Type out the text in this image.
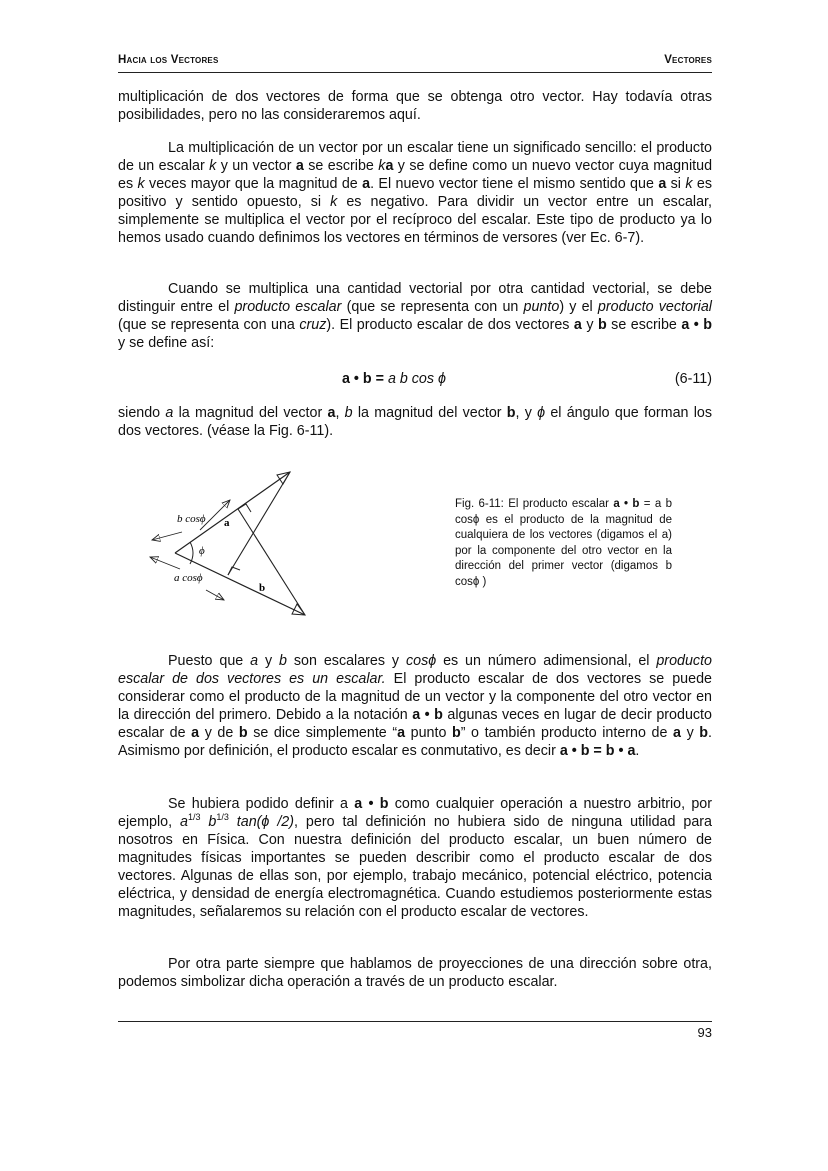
Hacia los Vectores	Vectores

multiplicación de dos vectores de forma que se obtenga otro vector. Hay todavía otras posibilidades, pero no las consideraremos aquí.

La multiplicación de un vector por un escalar tiene un significado sencillo: el producto de un escalar k y un vector a se escribe ka y se define como un nuevo vector cuya magnitud es k veces mayor que la magnitud de a. El nuevo vector tiene el mismo sentido que a si k es positivo y sentido opuesto, si k es negativo. Para dividir un vector entre un escalar, simplemente se multiplica el vector por el recíproco del escalar. Este tipo de producto ya lo hemos usado cuando definimos los vectores en términos de versores (ver Ec. 6-7).

Cuando se multiplica una cantidad vectorial por otra cantidad vectorial, se debe distinguir entre el producto escalar (que se representa con un punto) y el producto vectorial (que se representa con una cruz). El producto escalar de dos vectores a y b se escribe a • b y se define así:

a • b = a b cos ϕ	(6-11)

siendo a la magnitud del vector a, b la magnitud del vector b, y ϕ el ángulo que forman los dos vectores. (véase la Fig. 6-11).

b cosϕ
a cosϕ
ϕ
a
b
Fig. 6-11: El producto escalar a • b = a b cosϕ es el producto de la magnitud de cualquiera de los vectores (digamos el a) por la componente del otro vector en la dirección del primer vector (digamos b cosϕ )

Puesto que a y b son escalares y cosϕ es un número adimensional, el producto escalar de dos vectores es un escalar. El producto escalar de dos vectores se puede considerar como el producto de la magnitud de un vector y la componente del otro vector en la dirección del primero. Debido a la notación a • b algunas veces en lugar de decir producto escalar de a y de b se dice simplemente “a punto b” o también producto interno de a y b. Asimismo por definición, el producto escalar es conmutativo, es decir a • b = b • a.

Se hubiera podido definir a a • b como cualquier operación a nuestro arbitrio, por ejemplo, $a^{1/3}$ $b^{1/3}$ tan(ϕ /2), pero tal definición no hubiera sido de ninguna utilidad para nosotros en Física. Con nuestra definición del producto escalar, un buen número de magnitudes físicas importantes se pueden describir como el producto escalar de dos vectores. Algunas de ellas son, por ejemplo, trabajo mecánico, potencial eléctrico, potencia eléctrica, y densidad de energía electromagnética. Cuando estudiemos posteriormente estas magnitudes, señalaremos su relación con el producto escalar de vectores.

Por otra parte siempre que hablamos de proyecciones de una dirección sobre otra, podemos simbolizar dicha operación a través de un producto escalar.

93
